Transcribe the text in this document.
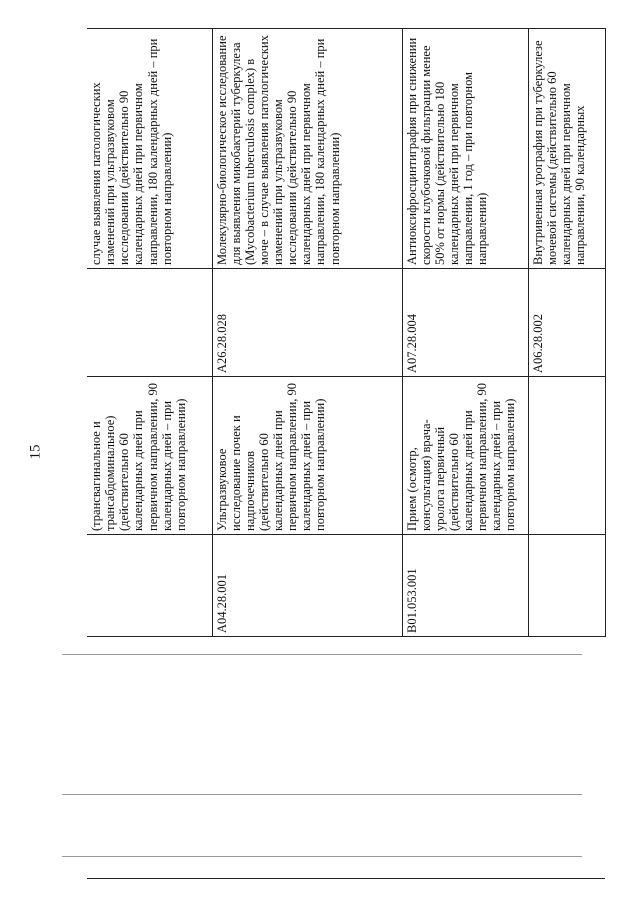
15
			(трансвагинальное и трансабдоминальное) (действительно 60 календарных дней при первичном направлении, 90 календарных дней – при повторном направлении)		случае выявления патологических изменений при ультразвуковом исследовании (действительно 90 календарных дней при первичном направлении, 180 календарных дней – при повторном направлении)
	A04.28.001	Ультразвуковое исследование почек и надпочечников (действительно 60 календарных дней при первичном направлении, 90 календарных дней – при повторном направлении)	A26.28.028	Молекулярно-биологическое исследование для выявления микобактерий туберкулеза (Mycobacterium tuberculosis complex) в моче – в случае выявления патологических изменений при ультразвуковом исследовании (действительно 90 календарных дней при первичном направлении, 180 календарных дней – при повторном направлении)
	B01.053.001	Прием (осмотр, консультация) врача-уролога первичный (действительно 60 календарных дней при первичном направлении, 90 календарных дней – при повторном направлении)	A07.28.004	Антиоксифросцинтиграфия при снижении скорости клубочковой фильтрации менее 50% от нормы (действительно 180 календарных дней при первичном направлении, 1 год – при повторном направлении)
			A06.28.002	Внутривенная урография при туберкулезе мочевой системы (действительно 60 календарных дней при первичном направлении, 90 календарных
